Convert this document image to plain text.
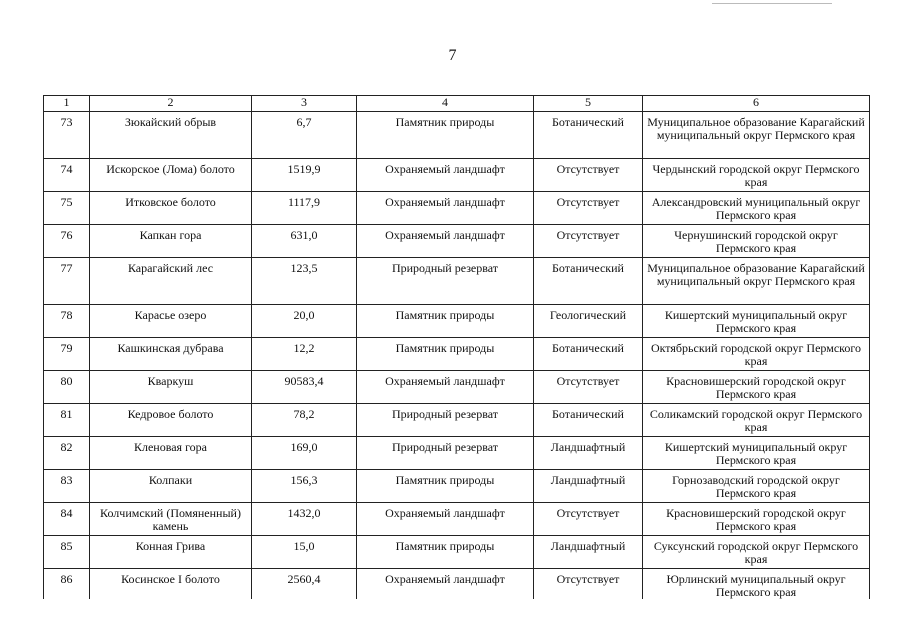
7
1	2	3	4	5	6
73	Зюкайский обрыв	6,7	Памятник природы	Ботанический	Муниципальное образование Карагайский муниципальный округ Пермского края
74	Искорское (Лома) болото	1519,9	Охраняемый ландшафт	Отсутствует	Чердынский городской округ Пермского края
75	Итковское болото	1117,9	Охраняемый ландшафт	Отсутствует	Александровский муниципальный округ Пермского края
76	Капкан гора	631,0	Охраняемый ландшафт	Отсутствует	Чернушинский городской округ Пермского края
77	Карагайский лес	123,5	Природный резерват	Ботанический	Муниципальное образование Карагайский муниципальный округ Пермского края
78	Карасье озеро	20,0	Памятник природы	Геологический	Кишертский муниципальный округ Пермского края
79	Кашкинская дубрава	12,2	Памятник природы	Ботанический	Октябрьский городской округ Пермского края
80	Кваркуш	90583,4	Охраняемый ландшафт	Отсутствует	Красновишерский городской округ Пермского края
81	Кедровое болото	78,2	Природный резерват	Ботанический	Соликамский городской округ Пермского края
82	Кленовая гора	169,0	Природный резерват	Ландшафтный	Кишертский муниципальный округ Пермского края
83	Колпаки	156,3	Памятник природы	Ландшафтный	Горнозаводский городской округ Пермского края
84	Колчимский (Помяненный) камень	1432,0	Охраняемый ландшафт	Отсутствует	Красновишерский городской округ Пермского края
85	Конная Грива	15,0	Памятник природы	Ландшафтный	Суксунский городской округ Пермского края
86	Косинское I болото	2560,4	Охраняемый ландшафт	Отсутствует	Юрлинский муниципальный округ Пермского края
